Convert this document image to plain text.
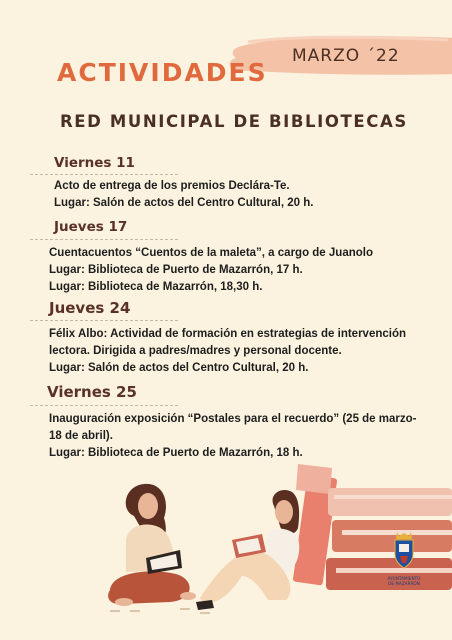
MARZO ´22
ACTIVIDADES
RED MUNICIPAL DE BIBLIOTECAS
Viernes 11
Acto de entrega de los premios Declára-Te.
Lugar: Salón de actos del Centro Cultural, 20 h.
Jueves 17
Cuentacuentos “Cuentos de la maleta”, a cargo de Juanolo
Lugar: Biblioteca de Puerto de Mazarrón, 17 h.
Lugar: Biblioteca de Mazarrón, 18,30 h.
Jueves 24
Félix Albo: Actividad de formación en estrategias de intervención
lectora. Dirigida a padres/madres y personal docente.
Lugar: Salón de actos del Centro Cultural, 20 h.
Viernes 25
Inauguración exposición “Postales para el recuerdo” (25 de marzo-
18 de abril).
Lugar: Biblioteca de Puerto de Mazarrón, 18 h.
AYUNTAMIENTO
DE MAZARRÓN
